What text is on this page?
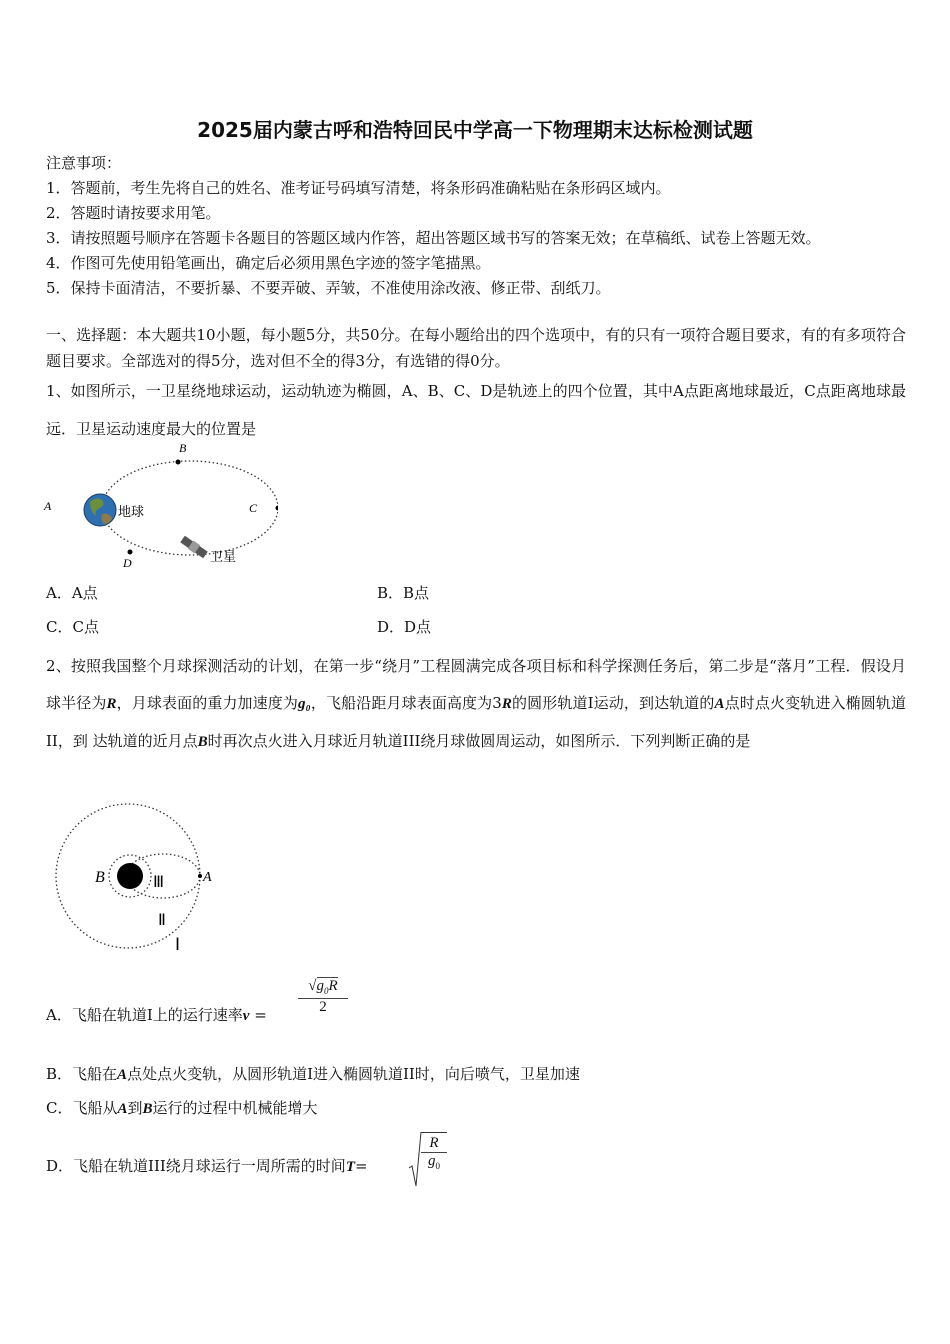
2025届内蒙古呼和浩特回民中学高一下物理期末达标检测试题
注意事项：
1．答题前，考生先将自己的姓名、准考证号码填写清楚，将条形码准确粘贴在条形码区域内。
2．答题时请按要求用笔。
3．请按照题号顺序在答题卡各题目的答题区域内作答，超出答题区域书写的答案无效；在草稿纸、试卷上答题无效。
4．作图可先使用铅笔画出，确定后必须用黑色字迹的签字笔描黑。
5．保持卡面清洁，不要折暴、不要弄破、弄皱，不准使用涂改液、修正带、刮纸刀。
一、选择题：本大题共10小题，每小题5分，共50分。在每小题给出的四个选项中，有的只有一项符合题目要求，有的有多项符合题目要求。全部选对的得5分，选对但不全的得3分，有选错的得0分。
1、如图所示，一卫星绕地球运动，运动轨迹为椭圆，A、B、C、D是轨迹上的四个位置，其中A点距离地球最近，C点距离地球最远．卫星运动速度最大的位置是
A
B
C
D
地球
卫星
A．A点	B．B点
C．C点	D．D点
2、按照我国整个月球探测活动的计划，在第一步“绕月”工程圆满完成各项目标和科学探测任务后，第二步是“落月”工程．假设月球半径为R，月球表面的重力加速度为g₀，飞船沿距月球表面高度为3R的圆形轨道I运动，到达轨道的A点时点火变轨进入椭圆轨道II，到 达轨道的近月点B时再次点火进入月球近月轨道III绕月球做圆周运动，如图所示．下列判断正确的是
B	A
Ⅲ
Ⅱ
Ⅰ
A．飞船在轨道I上的运行速率v =
$√g_0R$
2
B．飞船在A点处点火变轨，从圆形轨道I进入椭圆轨道II时，向后喷气，卫星加速
C．飞船从A到B运行的过程中机械能增大
D．飞船在轨道III绕月球运行一周所需的时间T=
R
$g_0$
